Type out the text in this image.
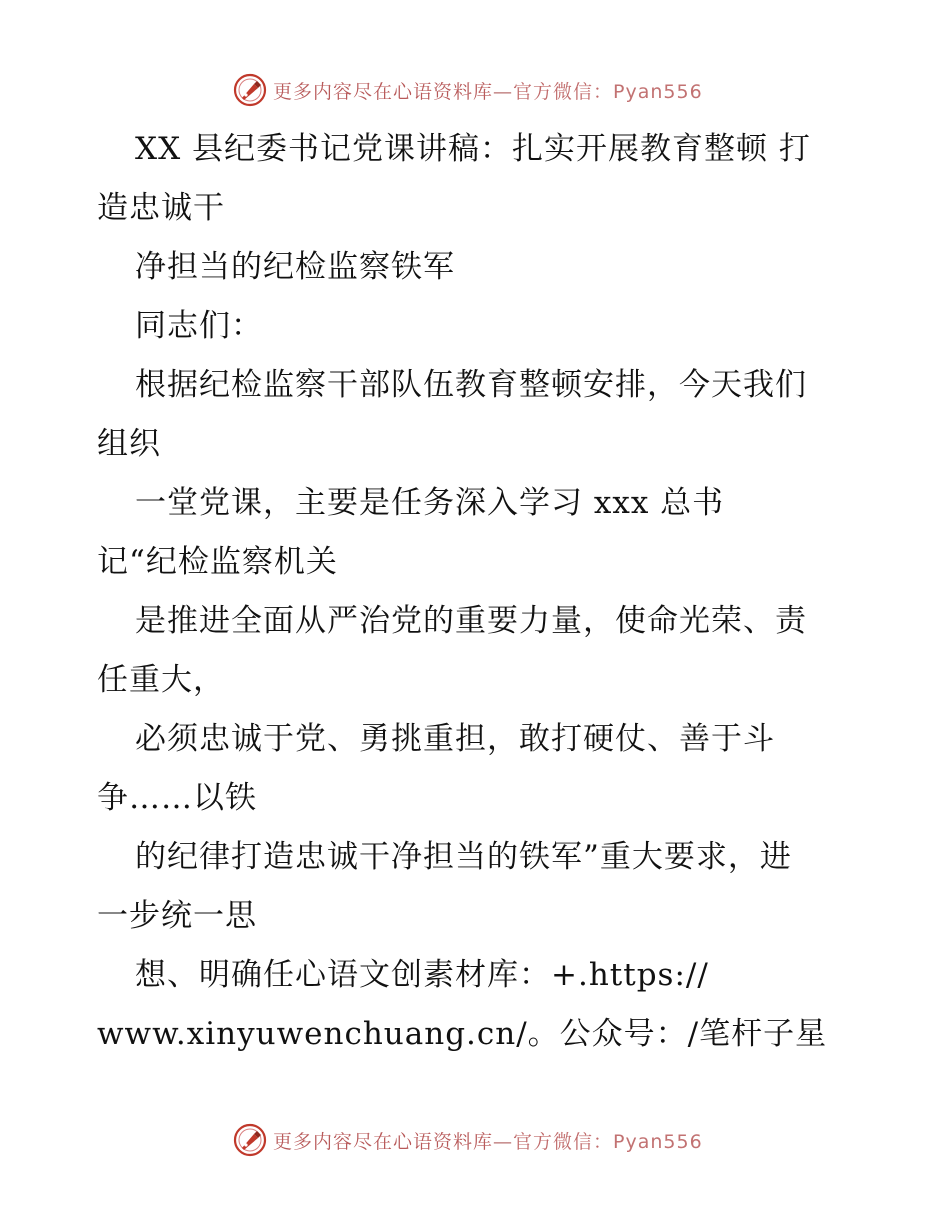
更多内容尽在心语资料库—官方微信：Pyan556
XX 县纪委书记党课讲稿：扎实开展教育整顿 打
造忠诚干
净担当的纪检监察铁军
同志们：
根据纪检监察干部队伍教育整顿安排，今天我们
组织
一堂党课，主要是任务深入学习 xxx 总书
记“纪检监察机关
是推进全面从严治党的重要力量，使命光荣、责
任重大，
必须忠诚于党、勇挑重担，敢打硬仗、善于斗
争……以铁
的纪律打造忠诚干净担当的铁军”重大要求，进
一步统一思
想、明确任心语文创素材库：+.https://
www.xinyuwenchuang.cn/。公众号：/笔杆子星
更多内容尽在心语资料库—官方微信：Pyan556
